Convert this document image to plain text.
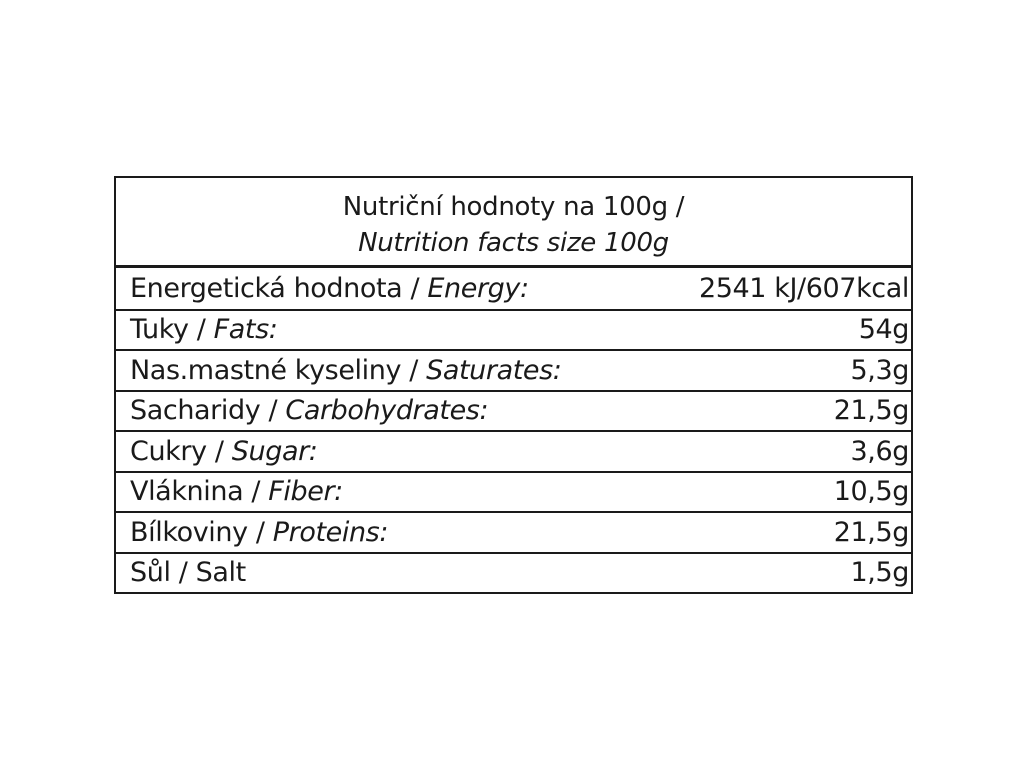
Nutriční hodnoty na 100g /
Nutrition facts size 100g
Energetická hodnota / Energy:	2541 kJ/607kcal
Tuky / Fats:	54g
Nas.mastné kyseliny / Saturates:	5,3g
Sacharidy / Carbohydrates:	21,5g
Cukry / Sugar:	3,6g
Vláknina / Fiber:	10,5g
Bílkoviny / Proteins:	21,5g
Sůl / Salt	1,5g
